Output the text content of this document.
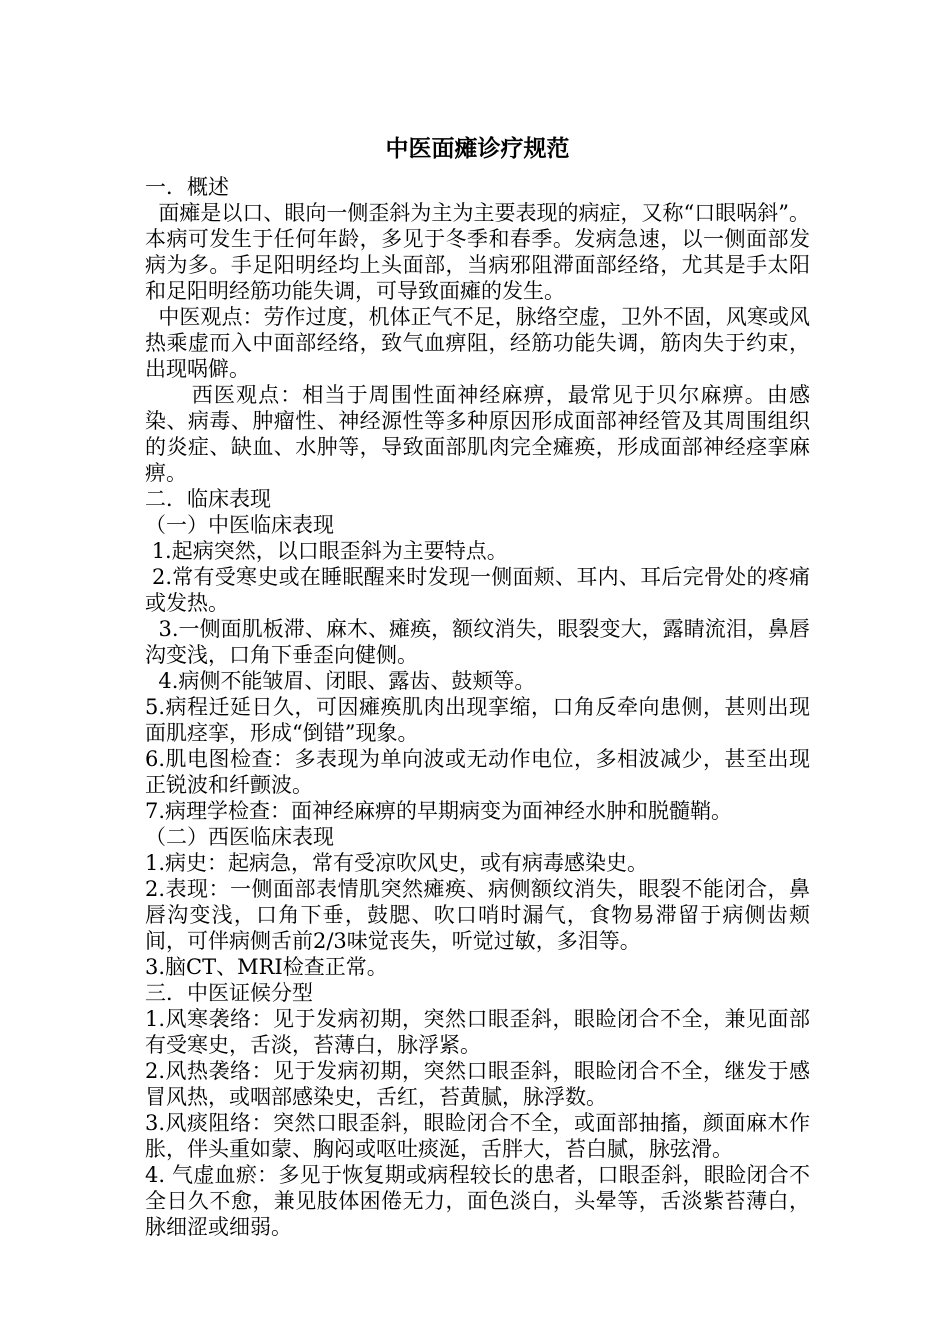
中医面瘫诊疗规范
一．概述
面瘫是以口、眼向一侧歪斜为主为主要表现的病症，又称“口眼㖞斜”。本病可发生于任何年龄，多见于冬季和春季。发病急速，以一侧面部发病为多。手足阳明经均上头面部，当病邪阻滞面部经络，尤其是手太阳和足阳明经筋功能失调，可导致面瘫的发生。
中医观点：劳作过度，机体正气不足，脉络空虚，卫外不固，风寒或风热乘虚而入中面部经络，致气血痹阻，经筋功能失调，筋肉失于约束，出现㖞僻。
西医观点：相当于周围性面神经麻痹，最常见于贝尔麻痹。由感染、病毒、肿瘤性、神经源性等多种原因形成面部神经管及其周围组织的炎症、缺血、水肿等，导致面部肌肉完全瘫痪，形成面部神经痉挛麻痹。
二．临床表现
（一）中医临床表现
1.起病突然，以口眼歪斜为主要特点。
2.常有受寒史或在睡眠醒来时发现一侧面颊、耳内、耳后完骨处的疼痛或发热。
3.一侧面肌板滞、麻木、瘫痪，额纹消失，眼裂变大，露睛流泪，鼻唇沟变浅，口角下垂歪向健侧。
4.病侧不能皱眉、闭眼、露齿、鼓颊等。
5.病程迁延日久，可因瘫痪肌肉出现挛缩，口角反牵向患侧，甚则出现面肌痉挛，形成“倒错”现象。
6.肌电图检查：多表现为单向波或无动作电位，多相波减少，甚至出现正锐波和纤颤波。
7.病理学检查：面神经麻痹的早期病变为面神经水肿和脱髓鞘。
（二）西医临床表现
1.病史：起病急，常有受凉吹风史，或有病毒感染史。
2.表现：一侧面部表情肌突然瘫痪、病侧额纹消失，眼裂不能闭合，鼻唇沟变浅，口角下垂，鼓腮、吹口哨时漏气，食物易滞留于病侧齿颊间，可伴病侧舌前2/3味觉丧失，听觉过敏，多泪等。
3.脑CT、MRI检查正常。
三．中医证候分型
1.风寒袭络：见于发病初期，突然口眼歪斜，眼睑闭合不全，兼见面部有受寒史，舌淡，苔薄白，脉浮紧。
2.风热袭络：见于发病初期，突然口眼歪斜，眼睑闭合不全，继发于感冒风热，或咽部感染史，舌红，苔黄腻，脉浮数。
3.风痰阻络：突然口眼歪斜，眼睑闭合不全，或面部抽搐，颜面麻木作胀，伴头重如蒙、胸闷或呕吐痰涎，舌胖大，苔白腻，脉弦滑。
4. 气虚血瘀：多见于恢复期或病程较长的患者，口眼歪斜，眼睑闭合不全日久不愈，兼见肢体困倦无力，面色淡白，头晕等，舌淡紫苔薄白，脉细涩或细弱。
